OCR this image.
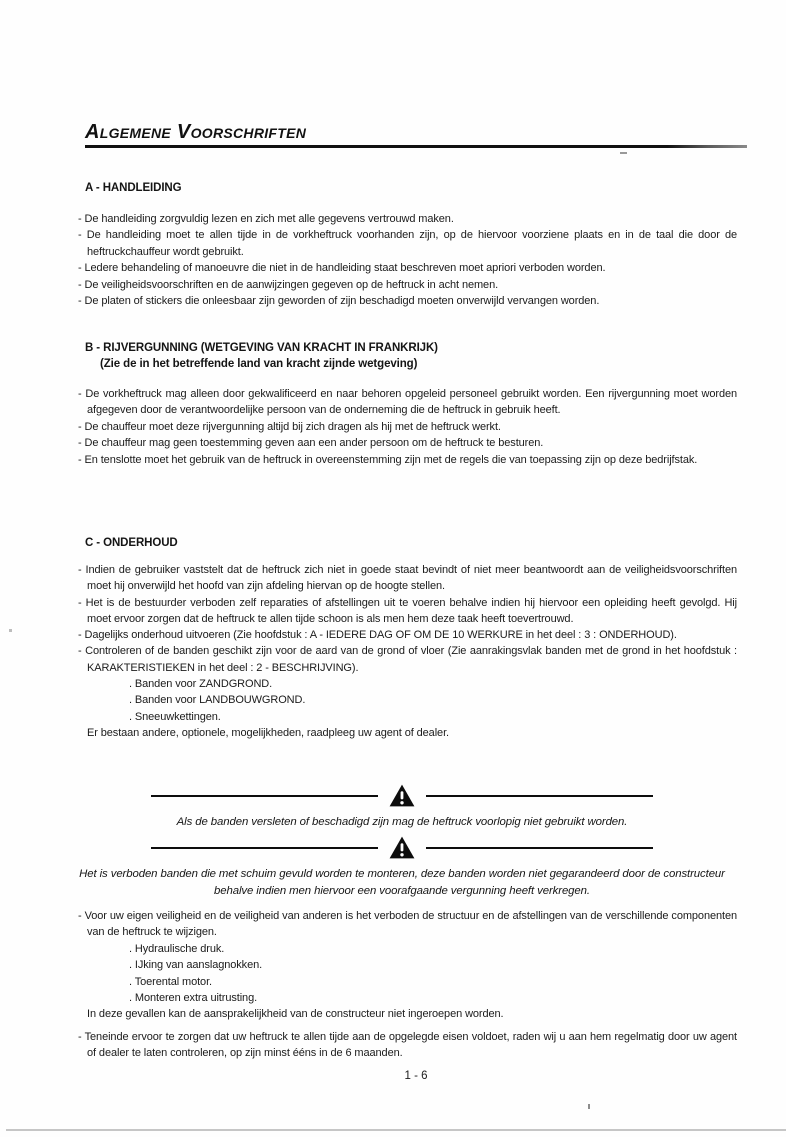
Algemene Voorschriften
A - HANDLEIDING

- De handleiding zorgvuldig lezen en zich met alle gegevens vertrouwd maken.

- De handleiding moet te allen tijde in de vorkheftruck voorhanden zijn, op de hiervoor voorziene plaats en in de taal die door de heftruckchauffeur wordt gebruikt.

- Ledere behandeling of manoeuvre die niet in de handleiding staat beschreven moet apriori verboden worden.

- De veiligheidsvoorschriften en de aanwijzingen gegeven op de heftruck in acht nemen.

- De platen of stickers die onleesbaar zijn geworden of zijn beschadigd moeten onverwijld vervangen worden.

B - RIJVERGUNNING (WETGEVING VAN KRACHT IN FRANKRIJK)
(Zie de in het betreffende land van kracht zijnde wetgeving)

- De vorkheftruck mag alleen door gekwalificeerd en naar behoren opgeleid personeel gebruikt worden. Een rijvergunning moet worden afgegeven door de verantwoordelijke persoon van de onderneming die de heftruck in gebruik heeft.

- De chauffeur moet deze rijvergunning altijd bij zich dragen als hij met de heftruck werkt.

- De chauffeur mag geen toestemming geven aan een ander persoon om de heftruck te besturen.

- En tenslotte moet het gebruik van de heftruck in overeenstemming zijn met de regels die van toepassing zijn op deze bedrijfstak.

C - ONDERHOUD

- Indien de gebruiker vaststelt dat de heftruck zich niet in goede staat bevindt of niet meer beantwoordt aan de veiligheidsvoorschriften moet hij onverwijld het hoofd van zijn afdeling hiervan op de hoogte stellen.

- Het is de bestuurder verboden zelf reparaties of afstellingen uit te voeren behalve indien hij hiervoor een opleiding heeft gevolgd. Hij moet ervoor zorgen dat de heftruck te allen tijde schoon is als men hem deze taak heeft toevertrouwd.

- Dagelijks onderhoud uitvoeren (Zie hoofdstuk : A - IEDERE DAG OF OM DE 10 WERKURE in het deel : 3 : ONDERHOUD).

- Controleren of de banden geschikt zijn voor de aard van de grond of vloer (Zie aanrakingsvlak banden met de grond in het hoofdstuk : KARAKTERISTIEKEN in het deel : 2 - BESCHRIJVING).

. Banden voor ZANDGROND.

. Banden voor LANDBOUWGROND.

. Sneeuwkettingen.

Er bestaan andere, optionele, mogelijkheden, raadpleeg uw agent of dealer.

Als de banden versleten of beschadigd zijn mag de heftruck voorlopig niet gebruikt worden.

Het is verboden banden die met schuim gevuld worden te monteren, deze banden worden niet gegarandeerd door de constructeur behalve indien men hiervoor een voorafgaande vergunning heeft verkregen.

- Voor uw eigen veiligheid en de veiligheid van anderen is het verboden de structuur en de afstellingen van de verschillende componenten van de heftruck te wijzigen.

. Hydraulische druk.

. IJking van aanslagnokken.

. Toerental motor.

. Monteren extra uitrusting.

In deze gevallen kan de aansprakelijkheid van de constructeur niet ingeroepen worden.

- Teneinde ervoor te zorgen dat uw heftruck te allen tijde aan de opgelegde eisen voldoet, raden wij u aan hem regelmatig door uw agent of dealer te laten controleren, op zijn minst ééns in de 6 maanden.

1 - 6
